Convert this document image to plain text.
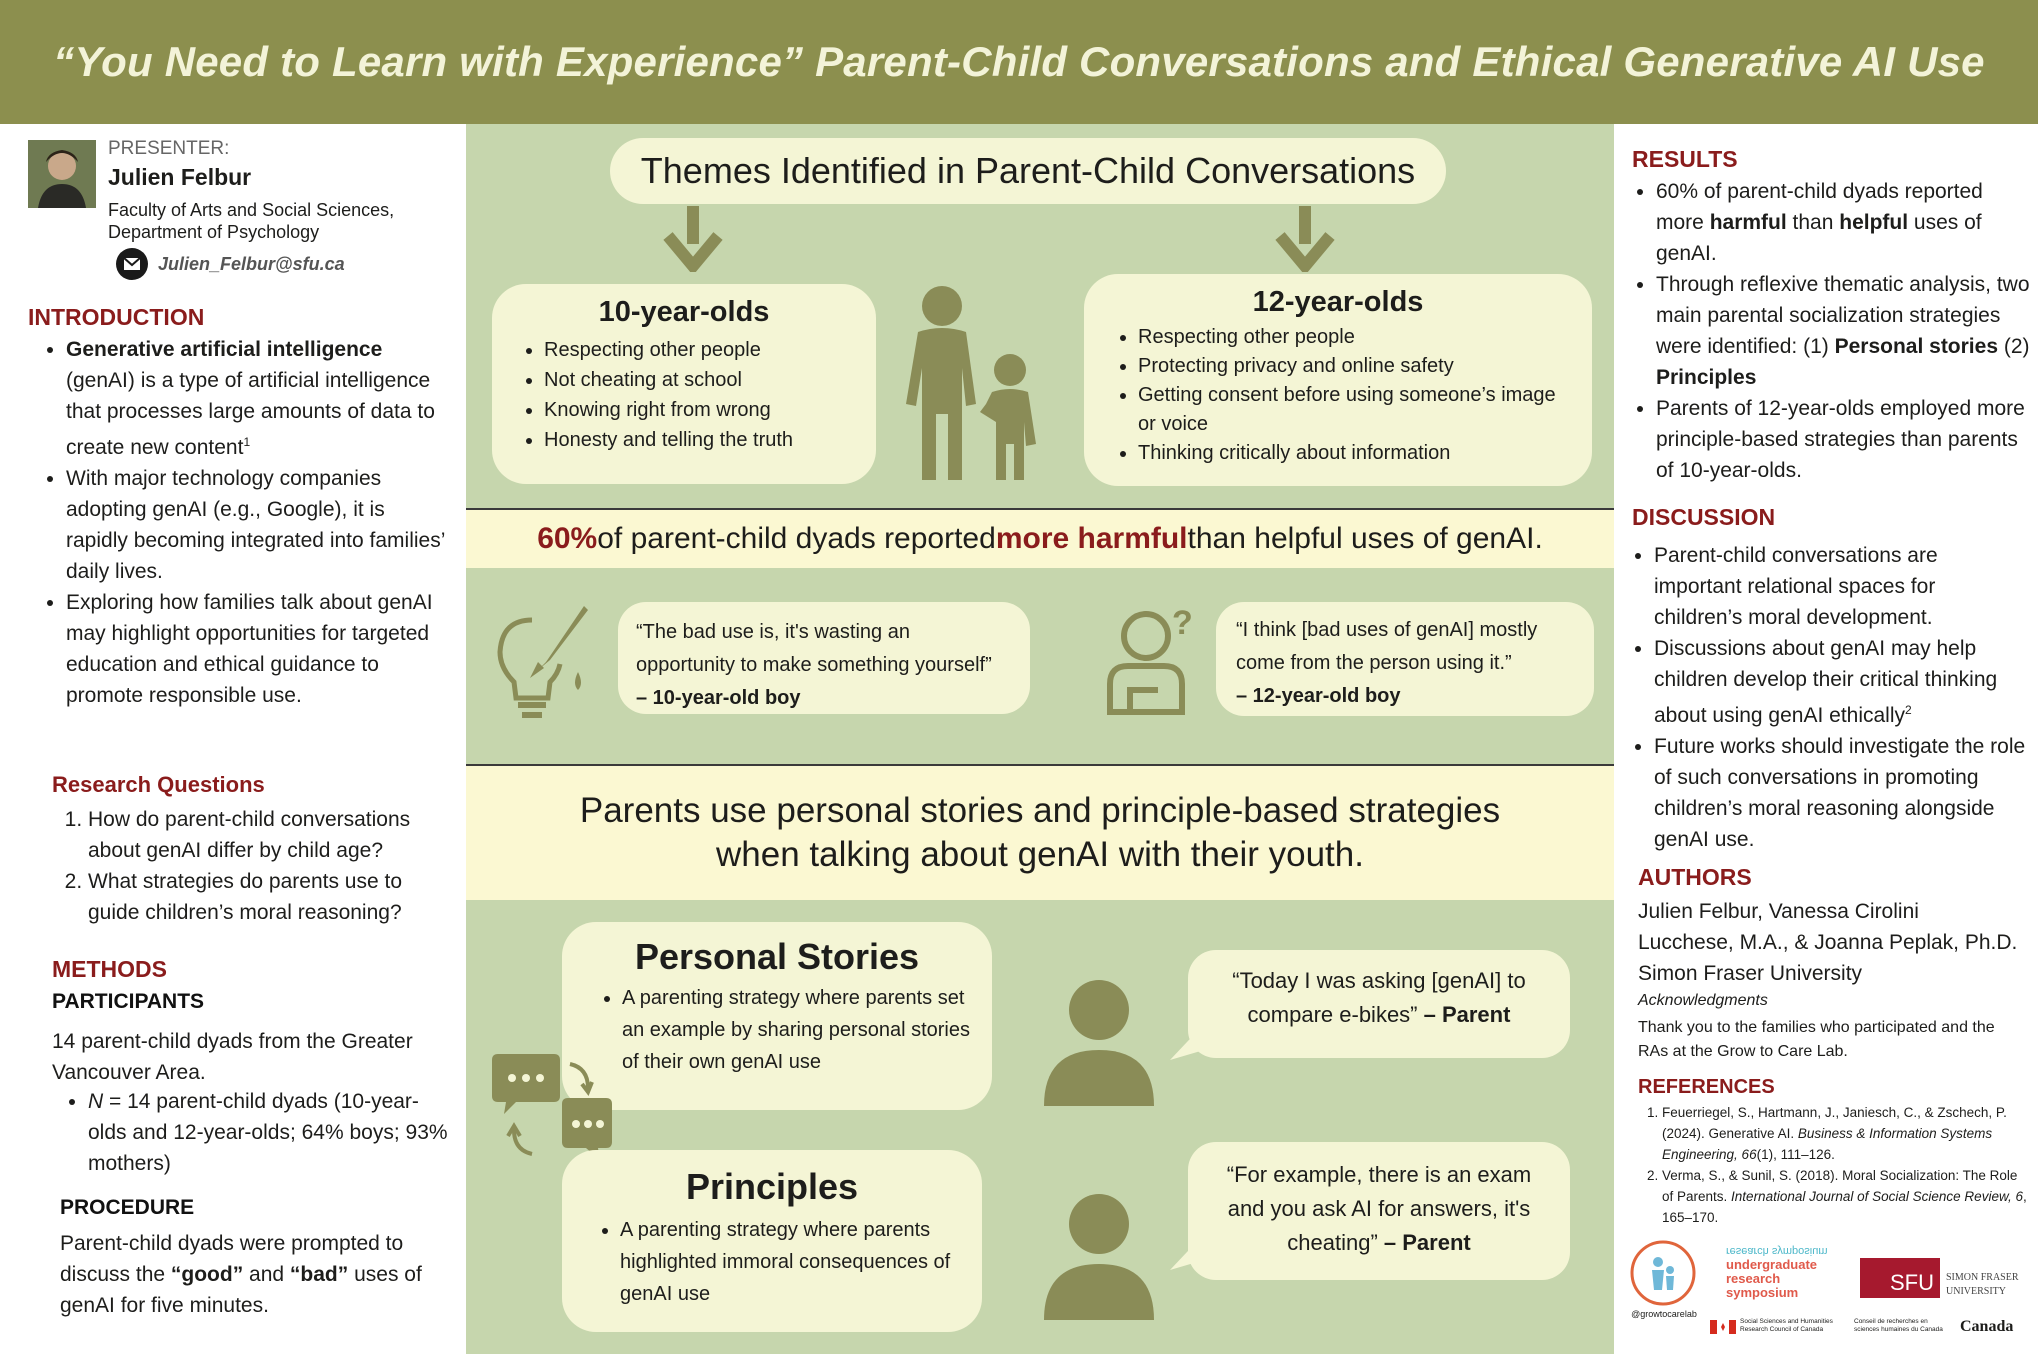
“You Need to Learn with Experience” Parent-Child Conversations and Ethical Generative AI Use
PRESENTER:
Julien Felbur
Faculty of Arts and Social Sciences,
Department of Psychology
Julien_Felbur@sfu.ca
INTRODUCTION
• Generative artificial intelligence (genAI) is a type of artificial intelligence that processes large amounts of data to create new content$^1$
• With major technology companies adopting genAI (e.g., Google), it is rapidly becoming integrated into families’ daily lives.
• Exploring how families talk about genAI may highlight opportunities for targeted education and ethical guidance to promote responsible use.
Research Questions
1. How do parent-child conversations about genAI differ by child age?
2. What strategies do parents use to guide children’s moral reasoning?
METHODS
PARTICIPANTS
14 parent-child dyads from the Greater Vancouver Area.
• N = 14 parent-child dyads (10-year-olds and 12-year-olds; 64% boys; 93% mothers)
PROCEDURE
Parent-child dyads were prompted to discuss the “good” and “bad” uses of genAI for five minutes.
Themes Identified in Parent-Child Conversations
10-year-olds
• Respecting other people
• Not cheating at school
• Knowing right from wrong
• Honesty and telling the truth
12-year-olds
• Respecting other people
• Protecting privacy and online safety
• Getting consent before using someone’s image or voice
• Thinking critically about information
60% of parent-child dyads reported more harmful than helpful uses of genAI.
“The bad use is, it's wasting an opportunity to make something yourself”
– 10-year-old boy
?	“I think [bad uses of genAI] mostly come from the person using it.”
– 12-year-old boy
Parents use personal stories and principle-based strategies
when talking about genAI with their youth.
Personal Stories
• A parenting strategy where parents set an example by sharing personal stories of their own genAI use
Principles
• A parenting strategy where parents highlighted immoral consequences of genAI use
“Today I was asking [genAI] to compare e-bikes” – Parent
“For example, there is an exam and you ask AI for answers, it's cheating” – Parent
RESULTS
• 60% of parent-child dyads reported more harmful than helpful uses of genAI.
• Through reflexive thematic analysis, two main parental socialization strategies were identified: (1) Personal stories (2) Principles
• Parents of 12-year-olds employed more principle-based strategies than parents of 10-year-olds.
DISCUSSION
• Parent-child conversations are important relational spaces for children’s moral development.
• Discussions about genAI may help children develop their critical thinking about using genAI ethically$^2$
• Future works should investigate the role of such conversations in promoting children’s moral reasoning alongside genAI use.
AUTHORS
Julien Felbur, Vanessa Cirolini Lucchese, M.A., & Joanna Peplak, Ph.D.
Simon Fraser University
Acknowledgments
Thank you to the families who participated and the RAs at the Grow to Care Lab.
REFERENCES
1. Feuerriegel, S., Hartmann, J., Janiesch, C., & Zschech, P. (2024). Generative AI. Business & Information Systems Engineering, 66(1), 111–126.
2. Verma, S., & Sunil, S. (2018). Moral Socialization: The Role of Parents. International Journal of Social Science Review, 6, 165–170.
@growtocarelab
research symposium
undergraduate
research
symposium	SFU	SIMON FRASER
UNIVERSITY
Social Sciences and Humanities Research Council of Canada
Conseil de recherches en sciences humaines du Canada	Canada
